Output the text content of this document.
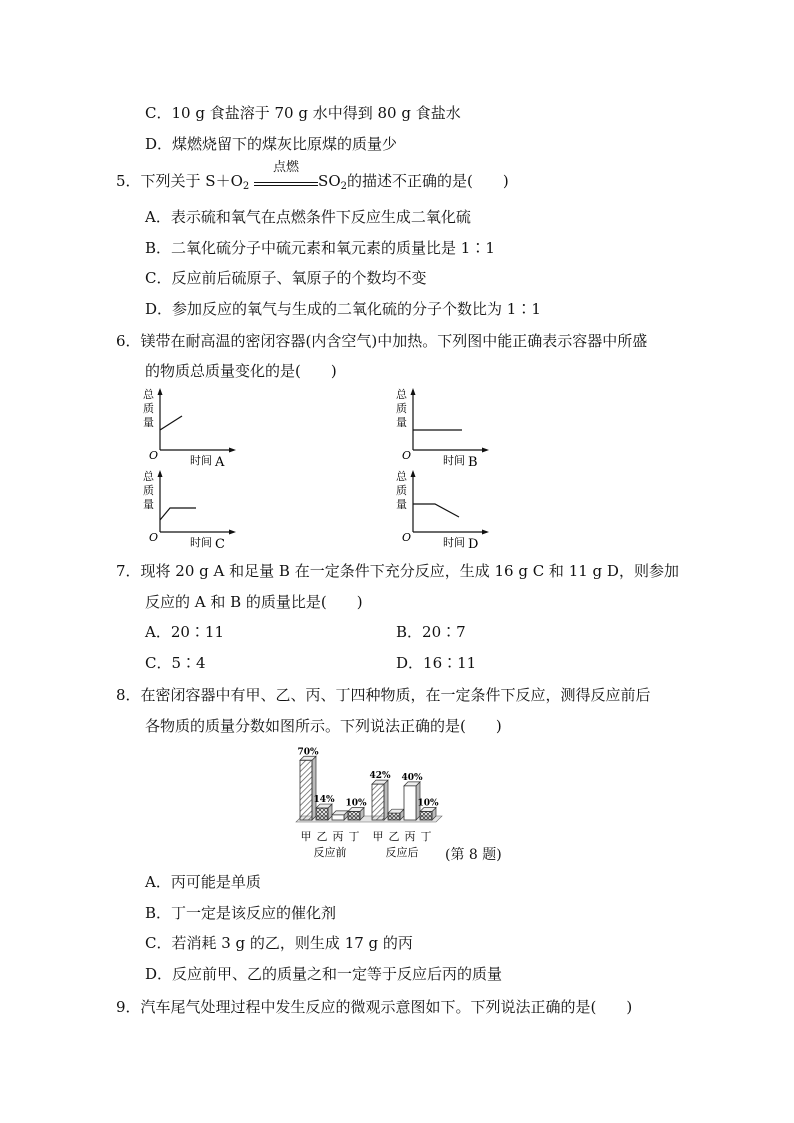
C．10 g 食盐溶于 70 g 水中得到 80 g 食盐水
D．煤燃烧留下的煤灰比原煤的质量少
5．下列关于 $S+O_2$
点燃
$SO_2$的描述不正确的是(　　)
A．表示硫和氧气在点燃条件下反应生成二氧化硫
B．二氧化硫分子中硫元素和氧元素的质量比是 1∶1
C．反应前后硫原子、氧原子的个数均不变
D．参加反应的氧气与生成的二氧化硫的分子个数比为 1∶1
6．镁带在耐高温的密闭容器(内含空气)中加热。下列图中能正确表示容器中所盛
的物质总质量变化的是(　　)
总
质
量
O	时间 A
总
质
量
O	时间 B
总
质
量
O	时间 C
总
质
量
O	时间 D
7．现将 20 g A 和足量 B 在一定条件下充分反应，生成 16 g C 和 11 g D，则参加
反应的 A 和 B 的质量比是(　　)
A．20∶11	B．20∶7
C．5∶4	D．16∶11
8．在密闭容器中有甲、乙、丙、丁四种物质，在一定条件下反应，测得反应前后
各物质的质量分数如图所示。下列说法正确的是(　　)
70%
甲
14%
乙 丙
10%
丁
反应前
42%
甲 乙
40%
丙
10%
丁
反应后 (第 8 题)
A．丙可能是单质
B．丁一定是该反应的催化剂
C．若消耗 3 g 的乙，则生成 17 g 的丙
D．反应前甲、乙的质量之和一定等于反应后丙的质量
9．汽车尾气处理过程中发生反应的微观示意图如下。下列说法正确的是(　　)
